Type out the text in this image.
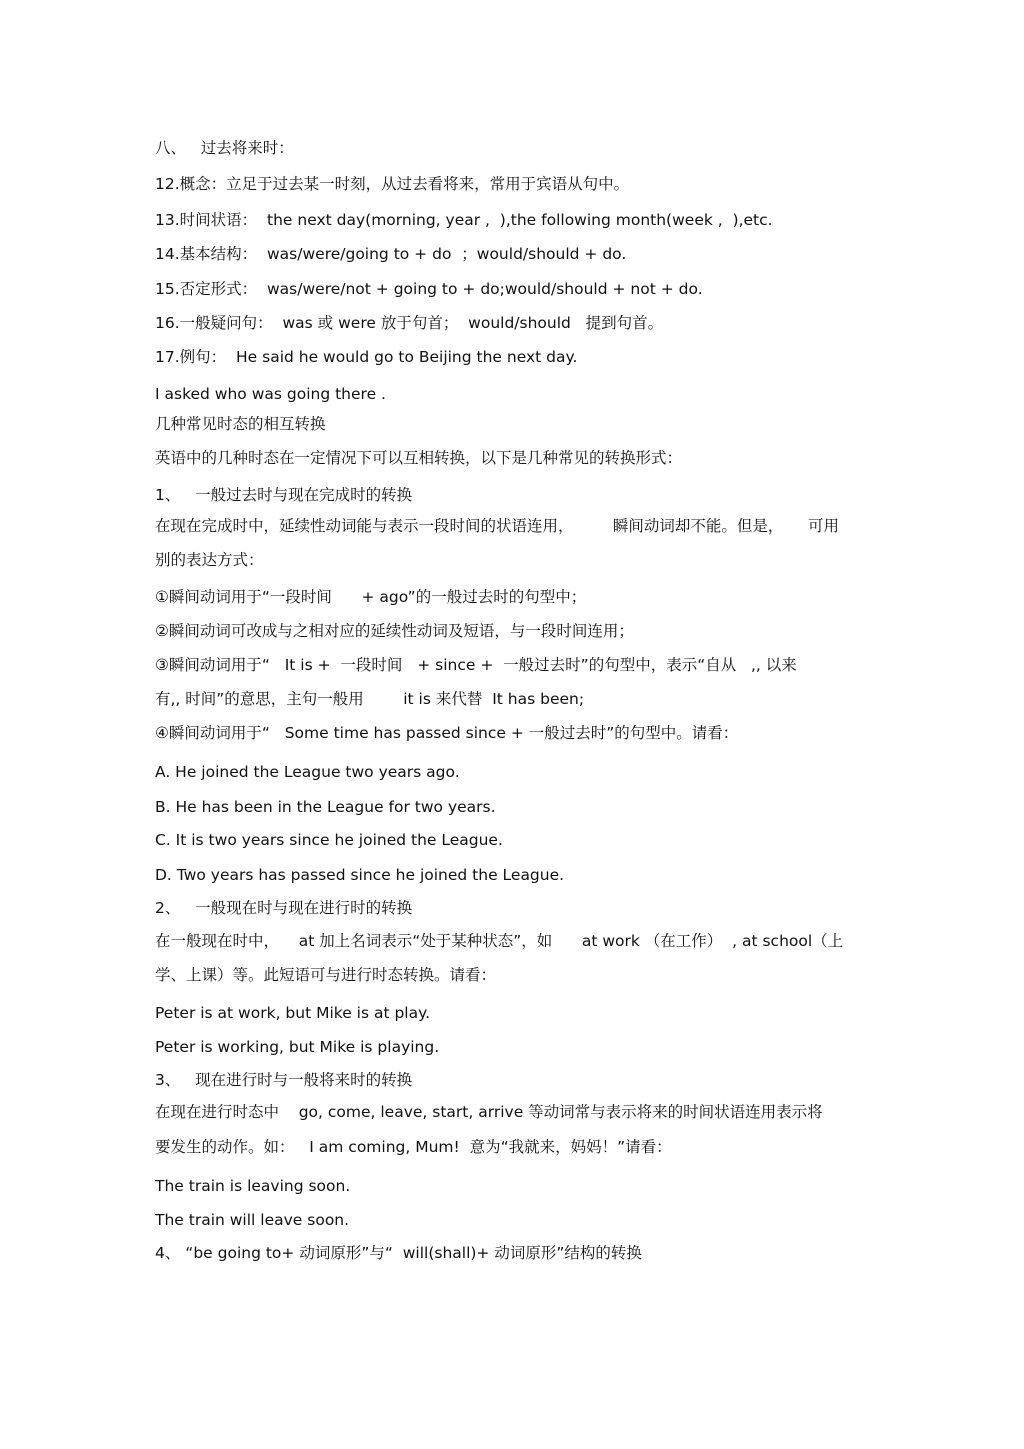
八、   过去将来时：
12.概念：立足于过去某一时刻，从过去看将来，常用于宾语从句中。
13.时间状语：  the next day(morning, year ,  ),the following month(week ,  ),etc.
14.基本结构：  was/were/going to + do  ；would/should + do.
15.否定形式：  was/were/not + going to + do;would/should + not + do.
16.一般疑问句：  was 或 were 放于句首；  would/should   提到句首。
17.例句：  He said he would go to Beijing the next day.
I asked who was going there .
几种常见时态的相互转换
英语中的几种时态在一定情况下可以互相转换，以下是几种常见的转换形式：
1、   一般过去时与现在完成时的转换
在现在完成时中，延续性动词能与表示一段时间的状语连用，        瞬间动词却不能。但是，     可用
别的表达方式：
①瞬间动词用于“一段时间      + ago”的一般过去时的句型中；
②瞬间动词可改成与之相对应的延续性动词及短语，与一段时间连用；
③瞬间动词用于“   It is +  一段时间   + since +  一般过去时”的句型中，表示“自从   ,, 以来
有,, 时间”的意思，主句一般用        it is 来代替  It has been;
④瞬间动词用于“   Some time has passed since + 一般过去时”的句型中。请看：
A. He joined the League two years ago.
B. He has been in the League for two years.
C. It is two years since he joined the League.
D. Two years has passed since he joined the League.
2、   一般现在时与现在进行时的转换
在一般现在时中，    at 加上名词表示“处于某种状态”，如      at work （在工作）  , at school（上
学、上课）等。此短语可与进行时态转换。请看：
Peter is at work, but Mike is at play.
Peter is working, but Mike is playing.
3、   现在进行时与一般将来时的转换
在现在进行时态中    go, come, leave, start, arrive 等动词常与表示将来的时间状语连用表示将
要发生的动作。如：   I am coming, Mum!  意为“我就来，妈妈！”请看：
The train is leaving soon.
The train will leave soon.
4、 “be going to+ 动词原形”与“  will(shall)+ 动词原形”结构的转换
